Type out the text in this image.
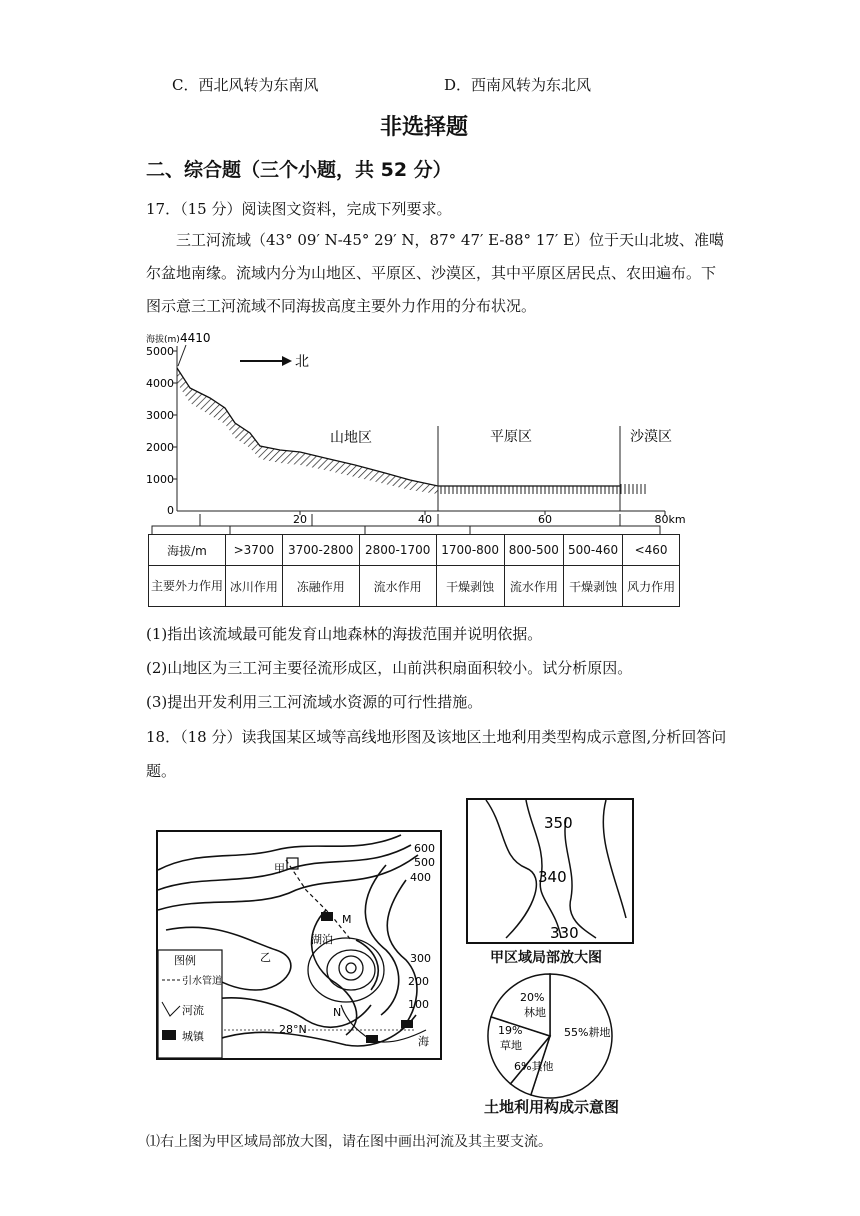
C．西北风转为东南风	D．西南风转为东北风
非选择题
二、综合题（三个小题，共 52 分）
17．（15 分）阅读图文资料，完成下列要求。
三工河流域（43° 09′ N-45° 29′ N，87° 47′ E-88° 17′ E）位于天山北坡、准噶
尔盆地南缘。流域内分为山地区、平原区、沙漠区，其中平原区居民点、农田遍布。下
图示意三工河流域不同海拔高度主要外力作用的分布状况。
海拔(m) 4410
5000
4000
3000
2000
1000
0
20	40	60	80km
北
山地区	平原区	沙漠区
海拔/m	>3700	3700-2800	2800-1700	1700-800	800-500	500-460	<460
主要外力作用	冰川作用	冻融作用	流水作用	干燥剥蚀	流水作用	干燥剥蚀	风力作用
(1)指出该流域最可能发育山地森林的海拔范围并说明依据。
(2)山地区为三工河主要径流形成区，山前洪积扇面积较小。试分析原因。
(3)提出开发利用三工河流域水资源的可行性措施。
18．（18 分）读我国某区域等高线地形图及该地区土地利用类型构成示意图,分析回答问
题。
600
500
400
300
200
100
甲
乙
M
湖泊
N
海
28°N
图例
引水管道
河流
城镇
350
340
330
甲区域局部放大图
20%
林地
55%耕地
19%
草地
6%其他
土地利用构成示意图
⑴右上图为甲区域局部放大图，请在图中画出河流及其主要支流。
